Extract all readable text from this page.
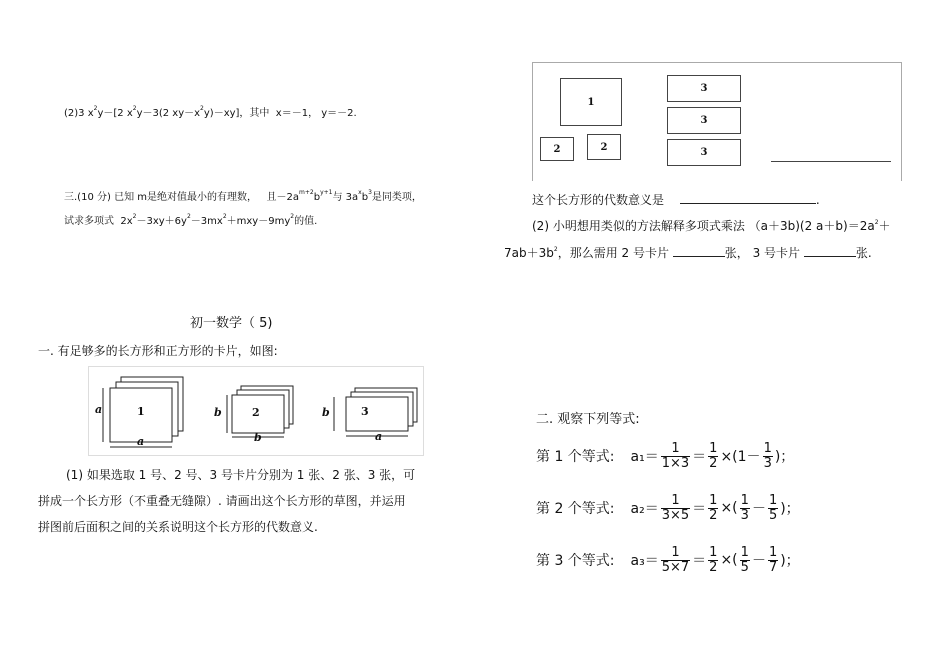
(2)3 $x^2y-[2$ $x^2y-3(2$ $xy-x^2y)-xy$]，其中  x＝－1， y＝－2.
三.(10 分) 已知 m是绝对值最小的有理数，   且$-2a^{m+2}b^{y+1}$与 $3a^xb^3$是同类项，
试求多项式  $2x^2-3xy+6y^2-3mx^2+mxy-9my^2$的值.
初一数学（ 5)
一. 有足够多的长方形和正方形的卡片，如图:
1
a
a
2
b
b
3
b
a
(1) 如果选取 1 号、2 号、3 号卡片分别为 1 张、2 张、3 张，可
拼成一个长方形（不重叠无缝隙）. 请画出这个长方形的草图，并运用
拼图前后面积之间的关系说明这个长方形的代数意义.
1
2	2
3
3
3
这个长方形的代数意义是	.
(2) 小明想用类似的方法解释多项式乘法 （a＋3b)(2 $a+b)=2a^2+$
$7ab+3b^2$，那么需用 2 号卡片	张， 3 号卡片	张.
二. 观察下列等式:
第 1 个等式: $a_1= \frac{1}{1\times 3} = \frac{1}{2} \times(1- \frac{1}{3}$ )；
第 2 个等式: $a_2= \frac{1}{3\times 5} = \frac{1}{2}$ ×( $\frac{1}{3} - \frac{1}{5}$ )；
第 3 个等式: $a_3= \frac{1}{5\times 7} = \frac{1}{2}$ ×( $\frac{1}{5} - \frac{1}{7}$ )；
